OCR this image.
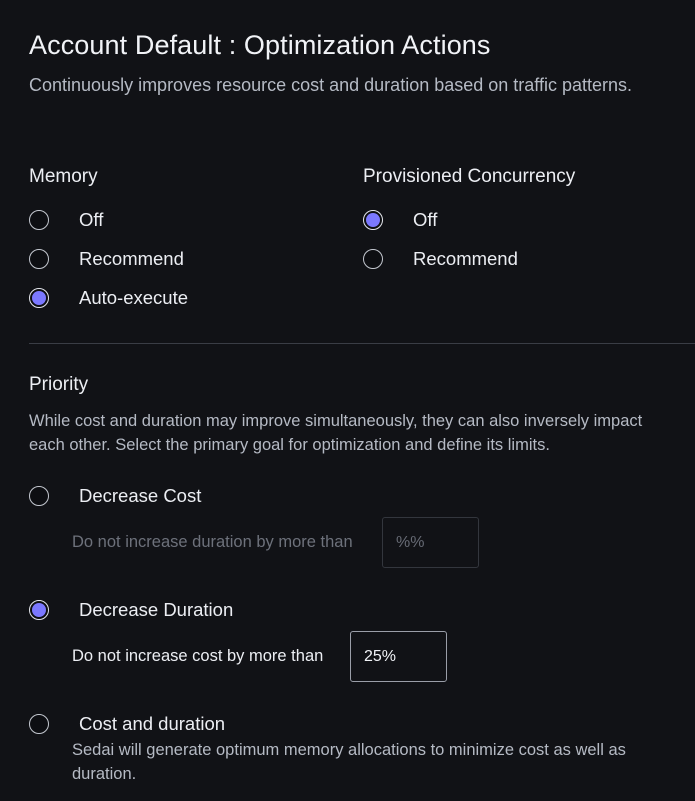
Account Default : Optimization Actions
Continuously improves resource cost and duration based on traffic patterns.
Memory
Off
Recommend
Auto-execute
Provisioned Concurrency
Off
Recommend
Priority
While cost and duration may improve simultaneously, they can also inversely impact each other. Select the primary goal for optimization and define its limits.
Decrease Cost
Do not increase duration by more than
%%
Decrease Duration
Do not increase cost by more than
25%
Cost and duration
Sedai will generate optimum memory allocations to minimize cost as well as duration.
